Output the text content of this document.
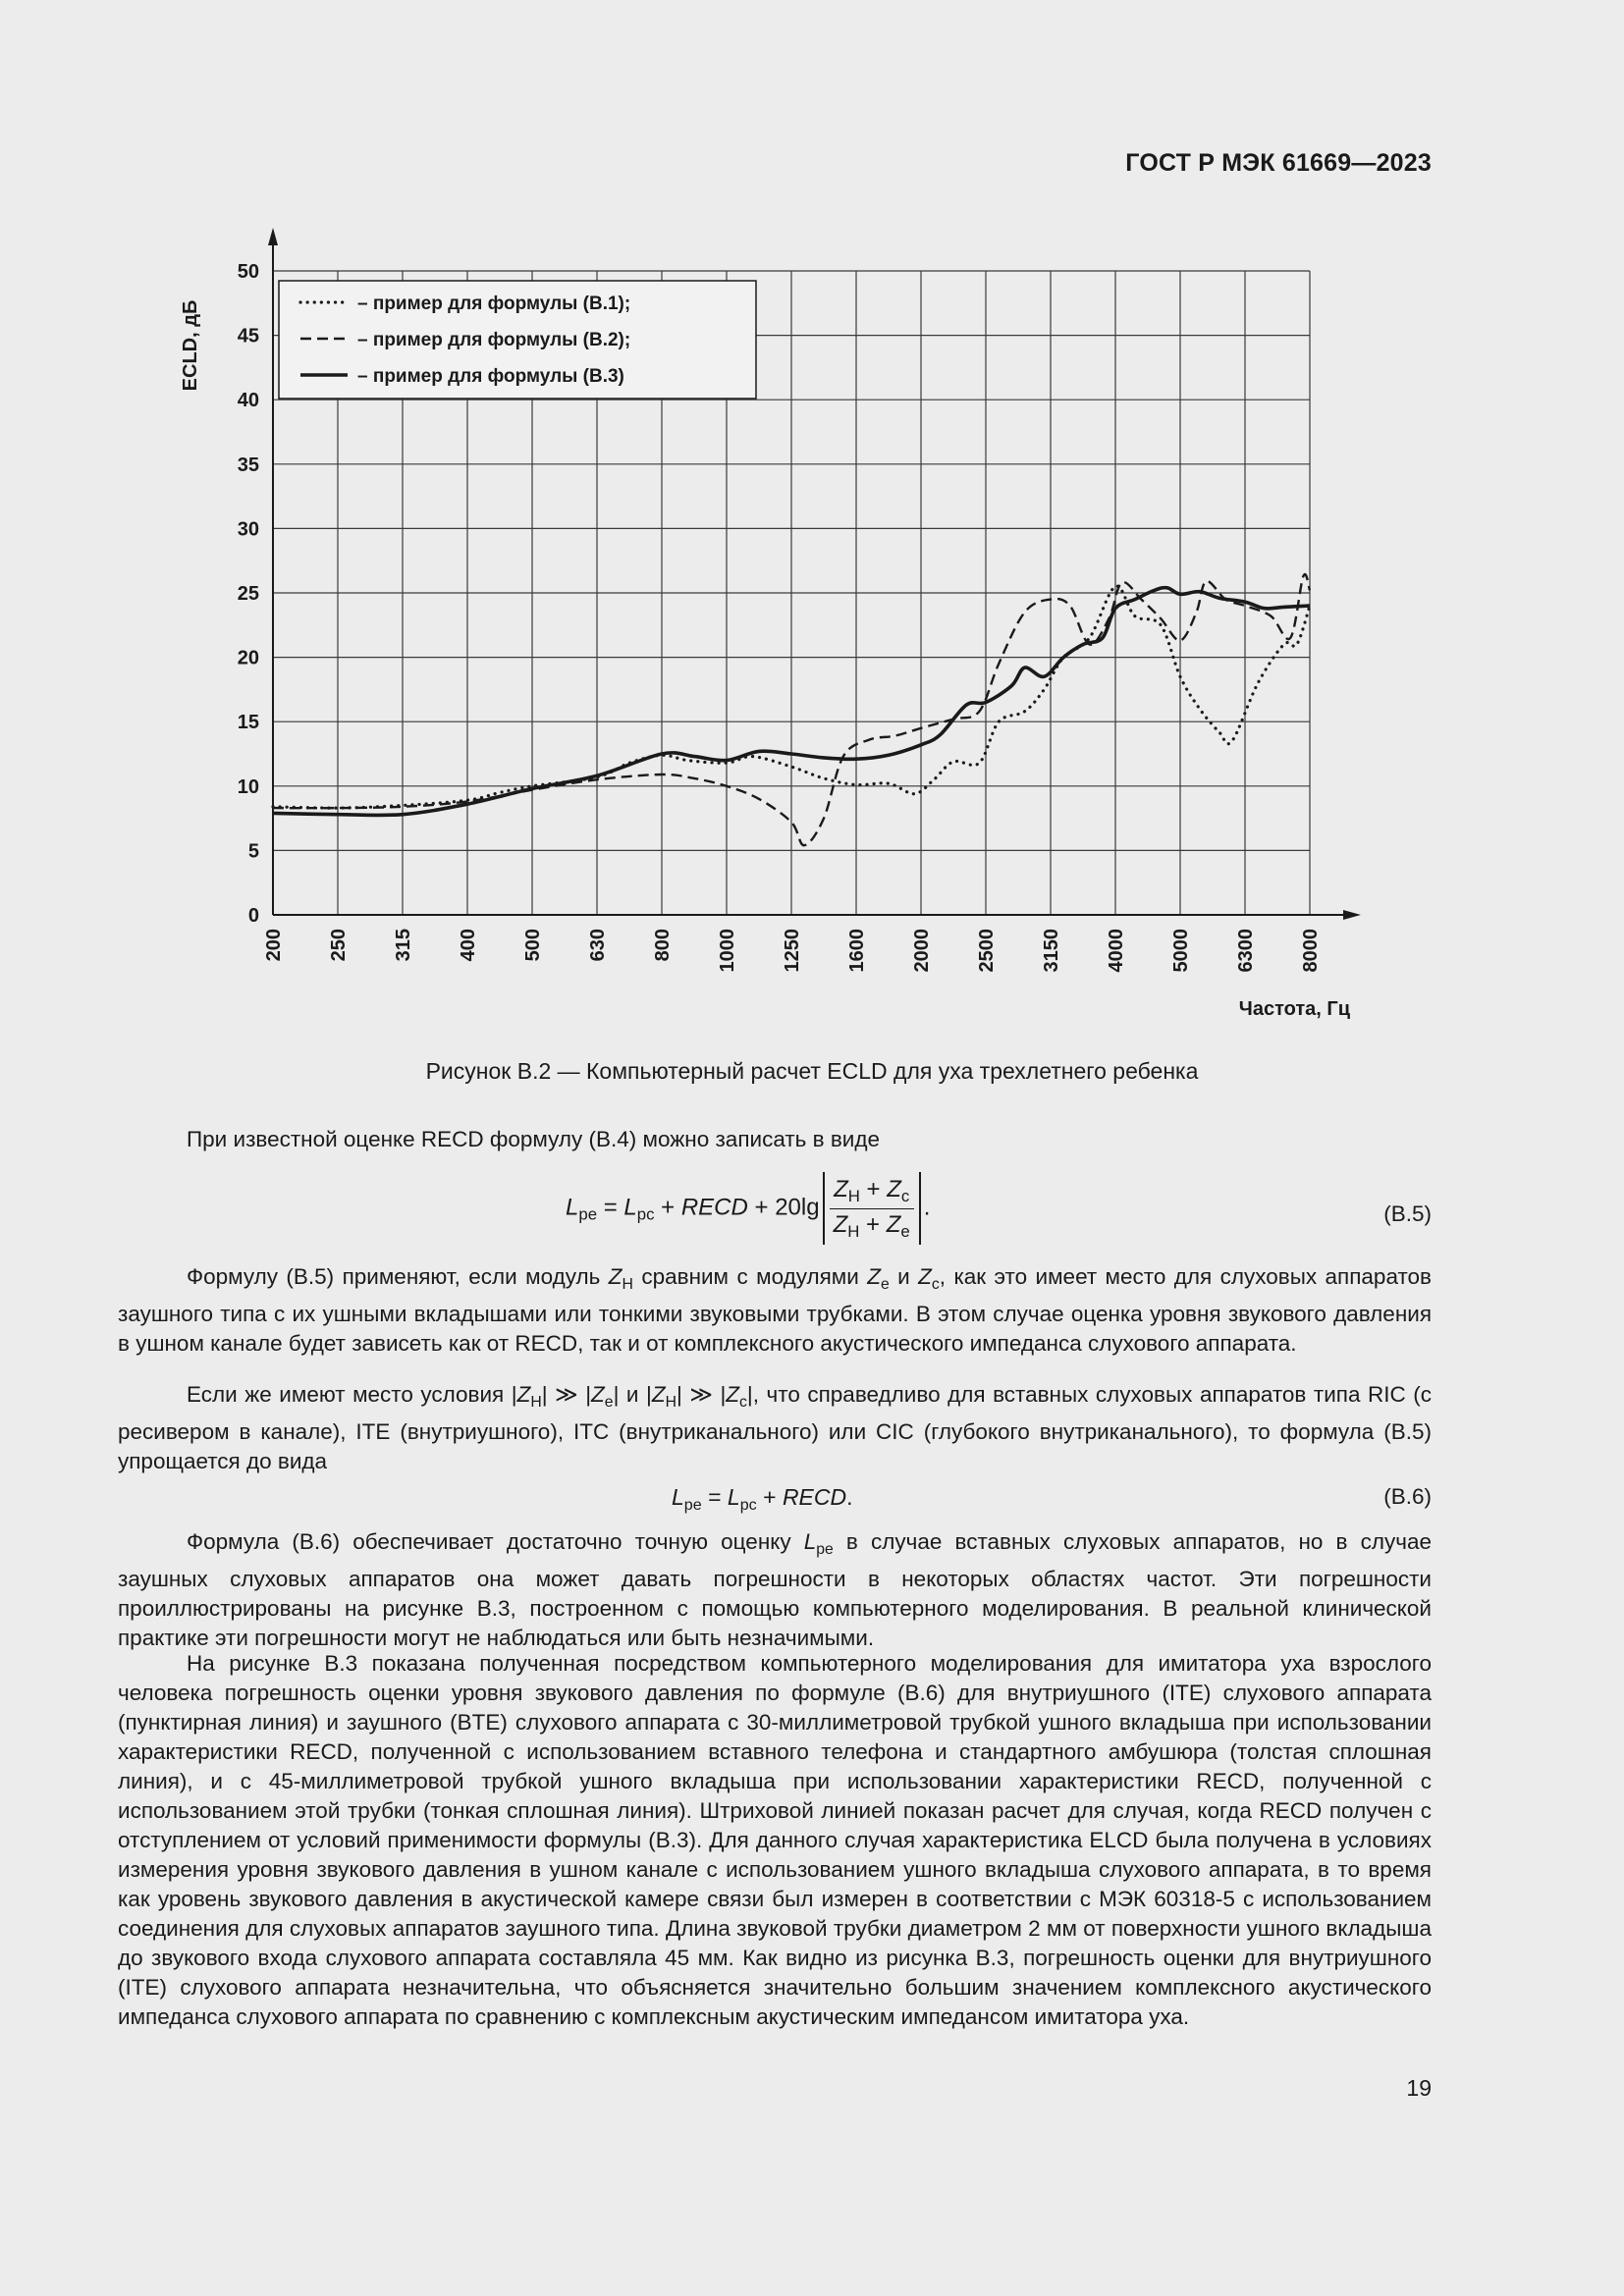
ГОСТ Р МЭК 61669—2023
0
5
10
15
20
25
30
35
40
45
50
200 250 315 400 500 630 800 1000 1250 1600 2000 2500 3150 4000 5000 6300 8000
– пример для формулы (В.1);
– пример для формулы (В.2);
– пример для формулы (В.3)
ECLD, дБ
Частота, Гц
Рисунок В.2 — Компьютерный расчет ECLD для уха трехлетнего ребенка

При известной оценке RECD формулу (В.4) можно записать в виде

$L_{pe} = L_{pc}$ + RECD + $20\lg \frac{Z_H + Z_c}{Z_H + Z_e}$ .	(В.5)

Формулу (В.5) применяют, если модуль $Z_H$ сравним с модулями $Z_e$ и $Z_c$, как это имеет место для слуховых аппаратов заушного типа с их ушными вкладышами или тонкими звуковыми трубками. В этом случае оценка уровня звукового давления в ушном канале будет зависеть как от RECD, так и от комплексного акустического импеданса слухового аппарата.

Если же имеют место условия $|Z_H|$ ≫ $|Z_e|$ и $|Z_H|$ ≫ $|Z_c|$, что справедливо для вставных слуховых аппаратов типа RIC (с ресивером в канале), ITE (внутриушного), ITC (внутриканального) или CIC (глубокого внутриканального), то формула (В.5) упрощается до вида

$L_{pe} = L_{pc}$ + RECD.	(В.6)

Формула (В.6) обеспечивает достаточно точную оценку $L_{pe}$ в случае вставных слуховых аппаратов, но в случае заушных слуховых аппаратов она может давать погрешности в некоторых областях частот. Эти погрешности проиллюстрированы на рисунке В.3, построенном с помощью компьютерного моделирования. В реальной клинической практике эти погрешности могут не наблюдаться или быть незначимыми.

На рисунке В.3 показана полученная посредством компьютерного моделирования для имитатора уха взрослого человека погрешность оценки уровня звукового давления по формуле (В.6) для внутриушного (ITE) слухового аппарата (пунктирная линия) и заушного (BTE) слухового аппарата с 30-миллиметровой трубкой ушного вкладыша при использовании характеристики RECD, полученной с использованием вставного телефона и стандартного амбушюра (толстая сплошная линия), и с 45-миллиметровой трубкой ушного вкладыша при использовании характеристики RECD, полученной с использованием этой трубки (тонкая сплошная линия). Штриховой линией показан расчет для случая, когда RECD получен с отступлением от условий применимости формулы (В.3). Для данного случая характеристика ELCD была получена в условиях измерения уровня звукового давления в ушном канале с использованием ушного вкладыша слухового аппарата, в то время как уровень звукового давления в акустической камере связи был измерен в соответствии с МЭК 60318-5 с использованием соединения для слуховых аппаратов заушного типа. Длина звуковой трубки диаметром 2 мм от поверхности ушного вкладыша до звукового входа слухового аппарата составляла 45 мм. Как видно из рисунка В.3, погрешность оценки для внутриушного (ITE) слухового аппарата незначительна, что объясняется значительно большим значением комплексного акустического импеданса слухового аппарата по сравнению с комплексным акустическим импедансом имитатора уха.

19
